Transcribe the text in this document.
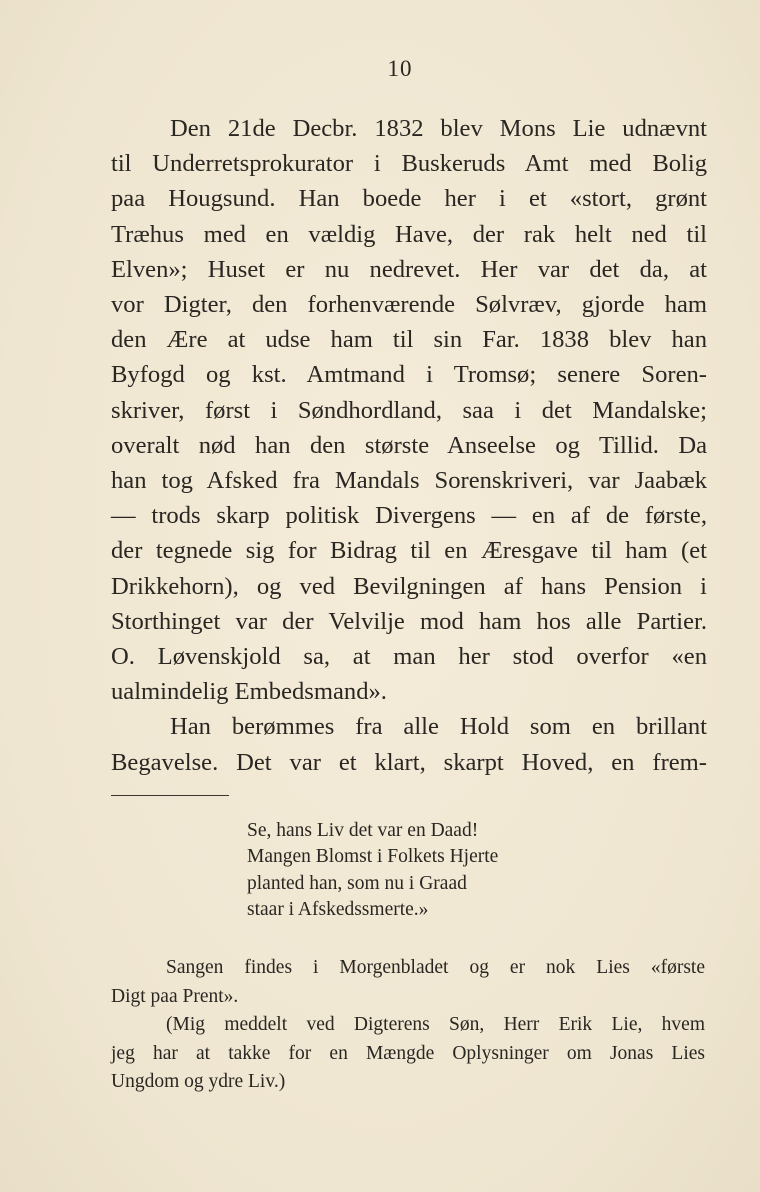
10

Den 21de Decbr. 1832 blev Mons Lie udnævnt

til Underretsprokurator i Buskeruds Amt med Bolig

paa Hougsund. Han boede her i et «stort, grønt

Træhus med en vældig Have, der rak helt ned til

Elven»; Huset er nu nedrevet. Her var det da, at

vor Digter, den forhenværende Sølvræv, gjorde ham

den Ære at udse ham til sin Far. 1838 blev han

Byfogd og kst. Amtmand i Tromsø; senere Soren-

skriver, først i Søndhordland, saa i det Mandalske;

overalt nød han den største Anseelse og Tillid. Da

han tog Afsked fra Mandals Sorenskriveri, var Jaabæk

— trods skarp politisk Divergens — en af de første,

der tegnede sig for Bidrag til en Æresgave til ham (et

Drikkehorn), og ved Bevilgningen af hans Pension i

Storthinget var der Velvilje mod ham hos alle Partier.

O. Løvenskjold sa, at man her stod overfor «en

ualmindelig Embedsmand».

Han berømmes fra alle Hold som en brillant

Begavelse. Det var et klart, skarpt Hoved, en frem-

Se, hans Liv det var en Daad!
Mangen Blomst i Folkets Hjerte
planted han, som nu i Graad
staar i Afskedssmerte.»

Sangen findes i Morgenbladet og er nok Lies «første

Digt paa Prent».

(Mig meddelt ved Digterens Søn, Herr Erik Lie, hvem

jeg har at takke for en Mængde Oplysninger om Jonas Lies

Ungdom og ydre Liv.)
